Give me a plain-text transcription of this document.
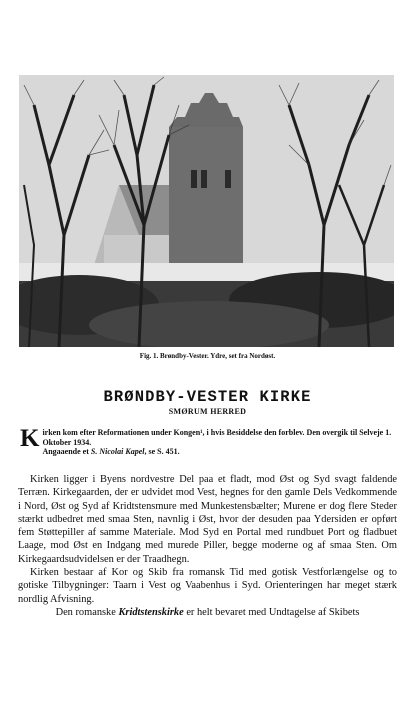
Fig. 1. Brøndby-Vester. Ydre, set fra Nordøst.
BRØNDBY-VESTER KIRKE
SMØRUM HERRED
K irken kom efter Reformationen under Kongen¹, i hvis Besiddelse den forblev. Den overgik til Selveje 1. Oktober 1934.
Angaaende et S. Nicolai Kapel, se S. 451.

Kirken ligger i Byens nordvestre Del paa et fladt, mod Øst og Syd svagt faldende Terræn. Kirkegaarden, der er udvidet mod Vest, hegnes for den gamle Dels Vedkommende i Nord, Øst og Syd af Kridtstensmure med Munkestensbælter; Murene er dog flere Steder stærkt udbedret med smaa Sten, navnlig i Øst, hvor der desuden paa Ydersiden er opført fem Støttepiller af samme Materiale. Mod Syd en Portal med rundbuet Port og fladbuet Laage, mod Øst en Indgang med murede Piller, begge moderne og af smaa Sten. Om Kirkegaardsudvidelsen er der Traadhegn.

Kirken bestaar af Kor og Skib fra romansk Tid med gotisk Vestforlængelse og to gotiske Tilbygninger: Taarn i Vest og Vaabenhus i Syd. Orienteringen har meget stærk nordlig Afvisning.

Den romanske Kridtstenskirke er helt bevaret med Undtagelse af Skibets
